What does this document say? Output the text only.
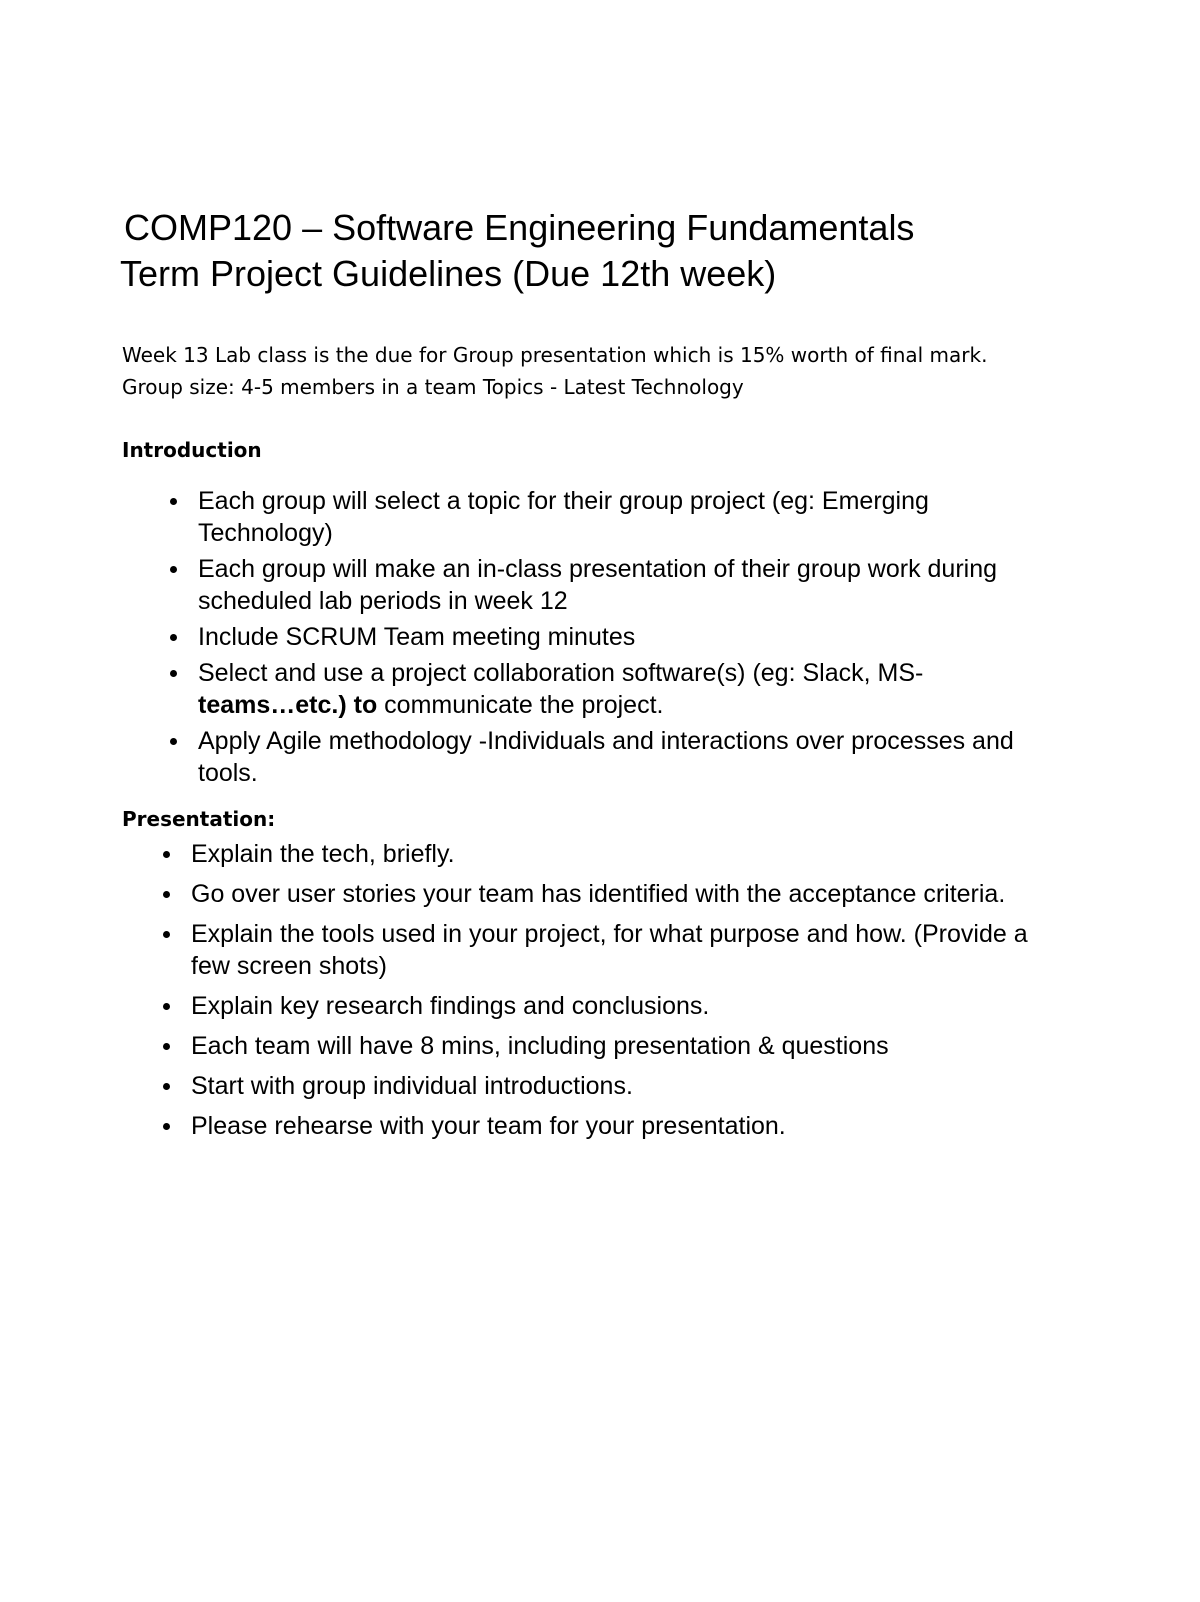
COMP120 – Software Engineering Fundamentals
Term Project Guidelines (Due 12th week)
Week 13 Lab class is the due for Group presentation which is 15% worth of final mark.
Group size: 4-5 members in a team Topics - Latest Technology
Introduction
Each group will select a topic for their group project (eg: Emerging Technology)
Each group will make an in-class presentation of their group work during scheduled lab periods in week 12
Include SCRUM Team meeting minutes
Select and use a project collaboration software(s) (eg: Slack, MS-
teams…etc.) to communicate the project.
Apply Agile methodology -Individuals and interactions over processes and tools.
Presentation:
Explain the tech, briefly.
Go over user stories your team has identified with the acceptance criteria.
Explain the tools used in your project, for what purpose and how. (Provide a few screen shots)
Explain key research findings and conclusions.
Each team will have 8 mins, including presentation & questions
Start with group individual introductions.
Please rehearse with your team for your presentation.
